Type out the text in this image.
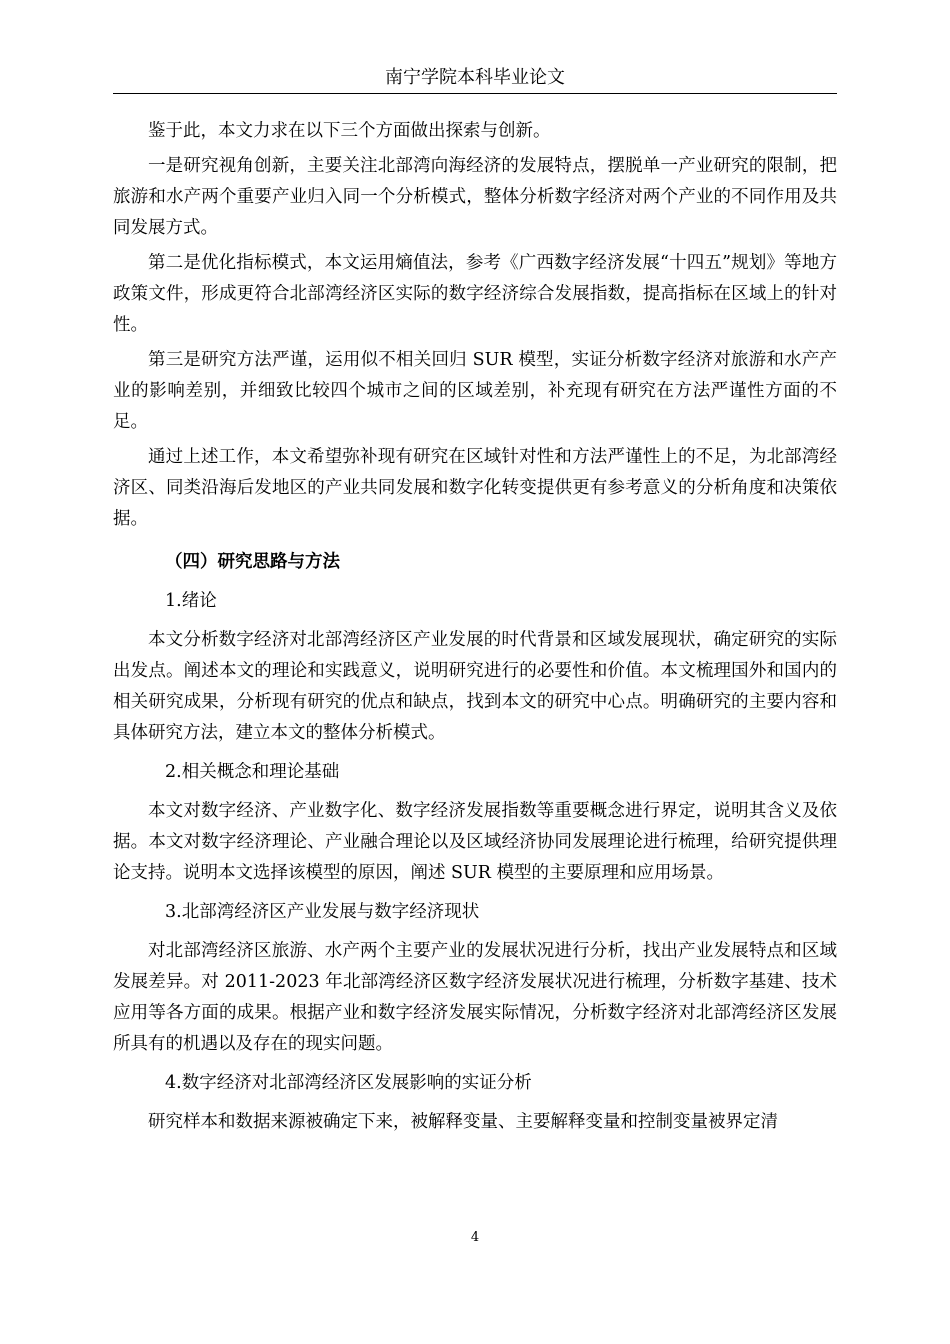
南宁学院本科毕业论文

鉴于此，本文力求在以下三个方面做出探索与创新。

一是研究视角创新，主要关注北部湾向海经济的发展特点，摆脱单一产业研究的限制，把旅游和水产两个重要产业归入同一个分析模式，整体分析数字经济对两个产业的不同作用及共同发展方式。

第二是优化指标模式，本文运用熵值法，参考《广西数字经济发展“十四五”规划》等地方政策文件，形成更符合北部湾经济区实际的数字经济综合发展指数，提高指标在区域上的针对性。

第三是研究方法严谨，运用似不相关回归 SUR 模型，实证分析数字经济对旅游和水产产业的影响差别，并细致比较四个城市之间的区域差别，补充现有研究在方法严谨性方面的不足。

通过上述工作，本文希望弥补现有研究在区域针对性和方法严谨性上的不足，为北部湾经济区、同类沿海后发地区的产业共同发展和数字化转变提供更有参考意义的分析角度和决策依据。

（四）研究思路与方法
1.绪论

本文分析数字经济对北部湾经济区产业发展的时代背景和区域发展现状，确定研究的实际出发点。阐述本文的理论和实践意义，说明研究进行的必要性和价值。本文梳理国外和国内的相关研究成果，分析现有研究的优点和缺点，找到本文的研究中心点。明确研究的主要内容和具体研究方法，建立本文的整体分析模式。

2.相关概念和理论基础

本文对数字经济、产业数字化、数字经济发展指数等重要概念进行界定，说明其含义及依据。本文对数字经济理论、产业融合理论以及区域经济协同发展理论进行梳理，给研究提供理论支持。说明本文选择该模型的原因，阐述 SUR 模型的主要原理和应用场景。

3.北部湾经济区产业发展与数字经济现状

对北部湾经济区旅游、水产两个主要产业的发展状况进行分析，找出产业发展特点和区域发展差异。对 2011-2023 年北部湾经济区数字经济发展状况进行梳理，分析数字基建、技术应用等各方面的成果。根据产业和数字经济发展实际情况，分析数字经济对北部湾经济区发展所具有的机遇以及存在的现实问题。

4.数字经济对北部湾经济区发展影响的实证分析

研究样本和数据来源被确定下来，被解释变量、主要解释变量和控制变量被界定清

4
